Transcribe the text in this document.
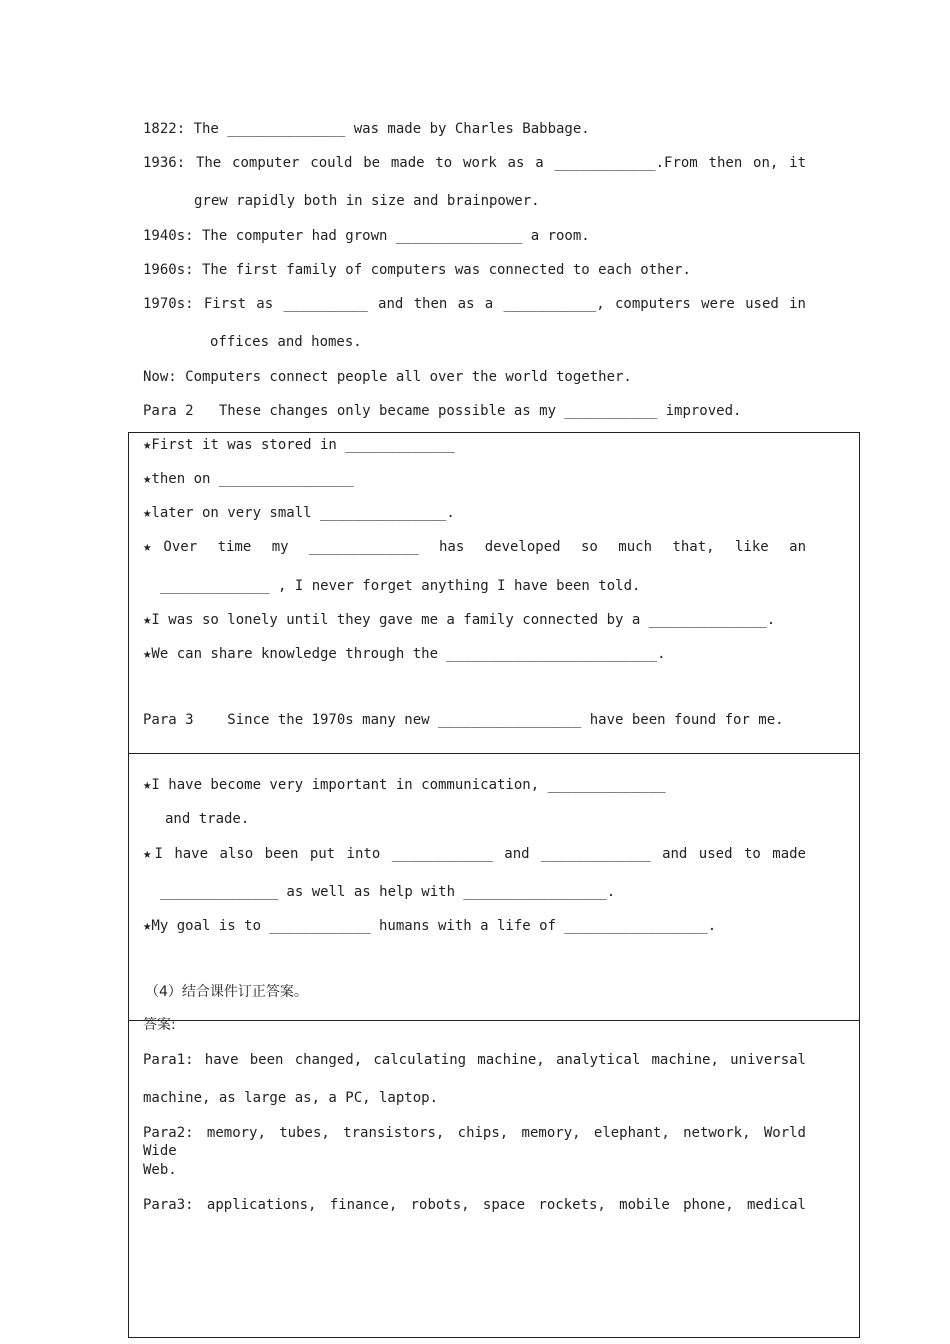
1822: The ______________ was made by Charles Babbage.
1936: The computer could be made to work as a ____________.From then on, it
grew rapidly both in size and brainpower.
1940s: The computer had grown _______________ a room.
1960s: The first family of computers was connected to each other.
1970s: First as __________ and then as a ___________, computers were used in
offices and homes.
Now: Computers connect people all over the world together.
Para 2   These changes only became possible as my ___________ improved.
★First it was stored in _____________
★then on ________________
★later on very small _______________.
★Over time my _____________ has developed so much that, like an
_____________ , I never forget anything I have been told.
★I was so lonely until they gave me a family connected by a ______________.
★We can share knowledge through the _________________________.
Para 3    Since the 1970s many new _________________ have been found for me.
★I have become very important in communication, ______________
and trade.
★I have also been put into ____________ and _____________ and used to made
______________ as well as help with _________________.
★My goal is to ____________ humans with a life of _________________.
（4）结合课件订正答案。
答案:
Para1: have been changed, calculating machine, analytical machine, universal
machine, as large as, a PC, laptop.
Para2: memory, tubes, transistors, chips, memory, elephant, network, World Wide
Web.
Para3: applications, finance, robots, space rockets, mobile phone, medical
